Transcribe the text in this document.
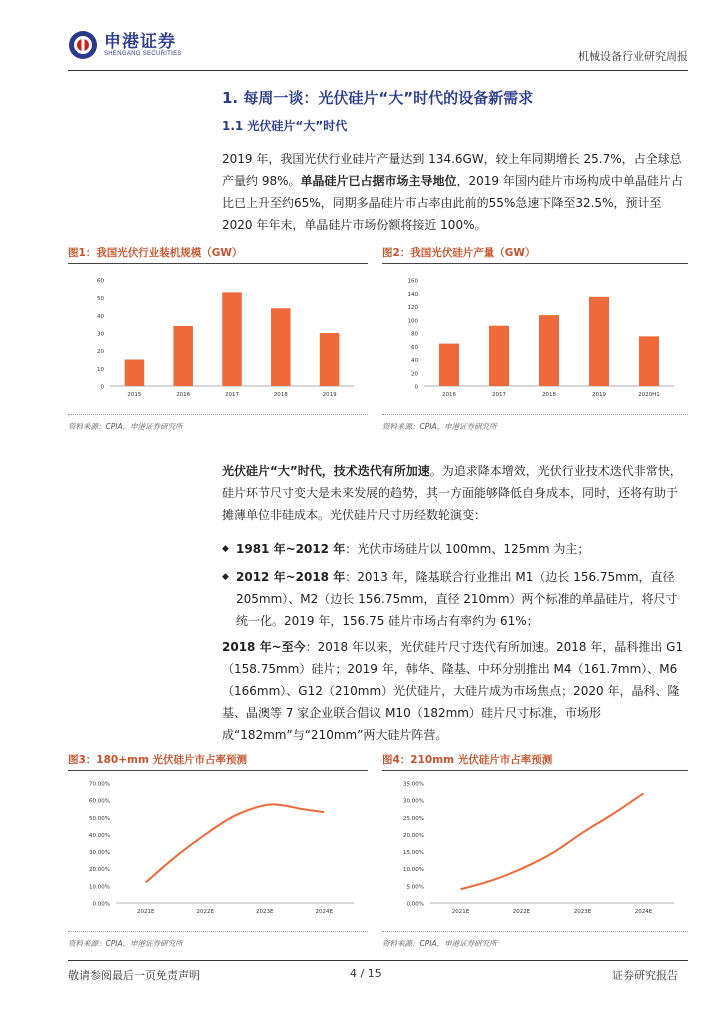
申港证券
SHENGANG SECURITIES	机械设备行业研究周报
1. 每周一谈：光伏硅片“大”时代的设备新需求
1.1 光伏硅片“大”时代
2019 年，我国光伏行业硅片产量达到 134.6GW，较上年同期增长 25.7%，占全球总产量约 98%。单晶硅片已占据市场主导地位，2019 年国内硅片市场构成中单晶硅片占比已上升至约65%，同期多晶硅片市占率由此前的55%急速下降至32.5%，预计至 2020 年年末，单晶硅片市场份额将接近 100%。
图1：我国光伏行业装机规模（GW）
0
10
20
30
40
50
60
2015	2016	2017	2018	2019
资料来源：CPIA，申港证券研究所
图2：我国光伏硅片产量（GW）
0
20
40
60
80
100
120
140
160
2016	2017	2018	2019	2020H1
资料来源：CPIA，申港证券研究所
光伏硅片“大”时代，技术迭代有所加速。为追求降本增效，光伏行业技术迭代非常快，硅片环节尺寸变大是未来发展的趋势，其一方面能够降低自身成本，同时，还将有助于摊薄单位非硅成本。光伏硅片尺寸历经数轮演变：
◆ 1981 年~2012 年：光伏市场硅片以 100mm、125mm 为主；
◆ 2012 年~2018 年：2013 年，隆基联合行业推出 M1（边长 156.75mm，直径 205mm）、M2（边长 156.75mm，直径 210mm）两个标准的单晶硅片，将尺寸统一化。2019 年，156.75 硅片市场占有率约为 61%；
2018 年~至今：2018 年以来，光伏硅片尺寸迭代有所加速。2018 年，晶科推出 G1（158.75mm）硅片；2019 年，韩华、隆基、中环分别推出 M4（161.7mm）、M6（166mm）、G12（210mm）光伏硅片，大硅片成为市场焦点；2020 年，晶科、隆基、晶澳等 7 家企业联合倡议 M10（182mm）硅片尺寸标准，市场形成“182mm”与“210mm”两大硅片阵营。
图3：180+mm 光伏硅片市占率预测
0.00%
10.00%
20.00%
30.00%
40.00%
50.00%
60.00%
70.00%
2021E	2022E	2023E	2024E
资料来源：CPIA，申港证券研究所
图4：210mm 光伏硅片市占率预测
0.00%
5.00%
10.00%
15.00%
20.00%
25.00%
30.00%
35.00%
2021E	2022E	2023E	2024E
资料来源：CPIA，申港证券研究所
敬请参阅最后一页免责声明	4 / 15	证券研究报告
